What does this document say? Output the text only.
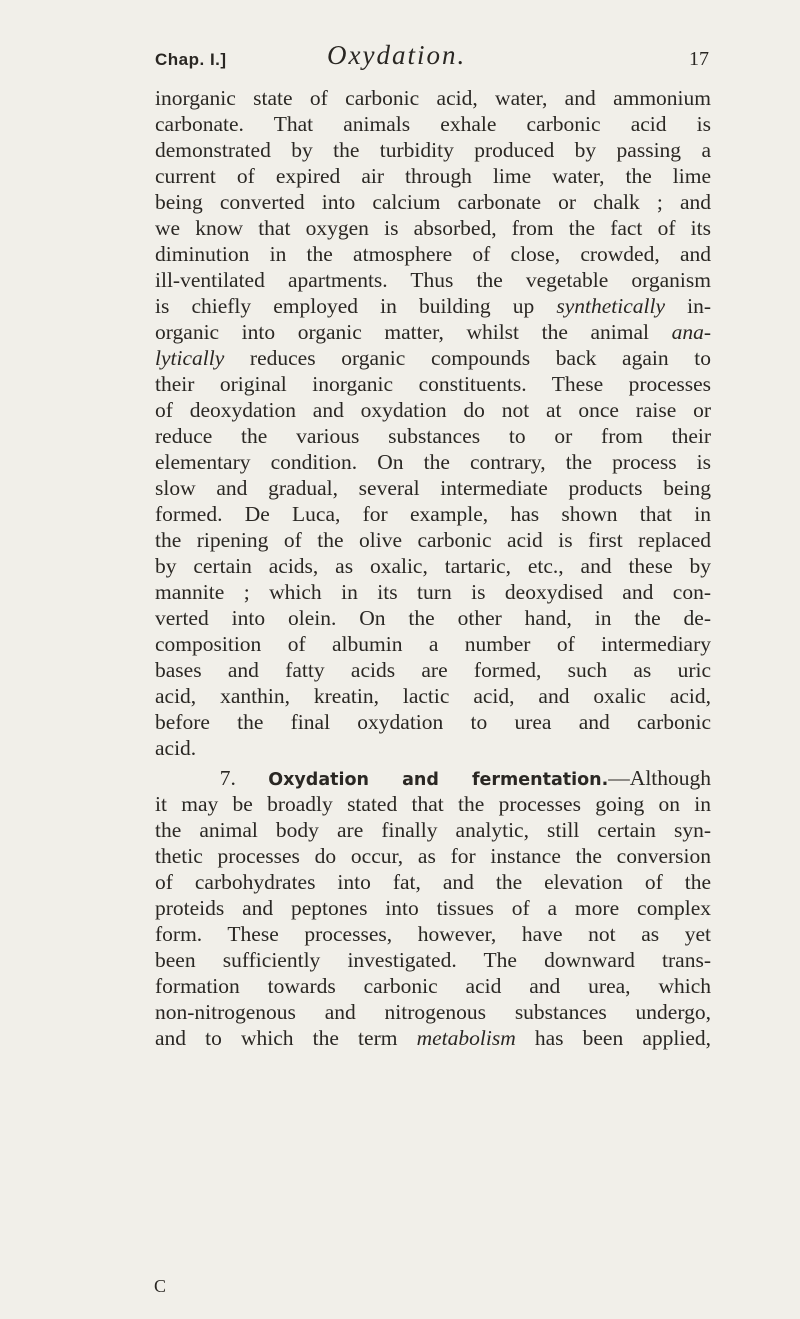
Chap. I.]	Oxydation.	17
inorganic state of carbonic acid, water, and ammonium
carbonate. That animals exhale carbonic acid is
demonstrated by the turbidity produced by passing a
current of expired air through lime water, the lime
being converted into calcium carbonate or chalk ; and
we know that oxygen is absorbed, from the fact of its
diminution in the atmosphere of close, crowded, and
ill-ventilated apartments. Thus the vegetable organism
is chiefly employed in building up synthetically in-
organic into organic matter, whilst the animal ana-
lytically reduces organic compounds back again to
their original inorganic constituents. These processes
of deoxydation and oxydation do not at once raise or
reduce the various substances to or from their
elementary condition. On the contrary, the process is
slow and gradual, several intermediate products being
formed. De Luca, for example, has shown that in
the ripening of the olive carbonic acid is first replaced
by certain acids, as oxalic, tartaric, etc., and these by
mannite ; which in its turn is deoxydised and con-
verted into olein. On the other hand, in the de-
composition of albumin a number of intermediary
bases and fatty acids are formed, such as uric
acid, xanthin, kreatin, lactic acid, and oxalic acid,
before the final oxydation to urea and carbonic
acid.
7. Oxydation and fermentation.—Although
it may be broadly stated that the processes going on in
the animal body are finally analytic, still certain syn-
thetic processes do occur, as for instance the conversion
of carbohydrates into fat, and the elevation of the
proteids and peptones into tissues of a more complex
form. These processes, however, have not as yet
been sufficiently investigated. The downward trans-
formation towards carbonic acid and urea, which
non-nitrogenous and nitrogenous substances undergo,
and to which the term metabolism has been applied,
C
